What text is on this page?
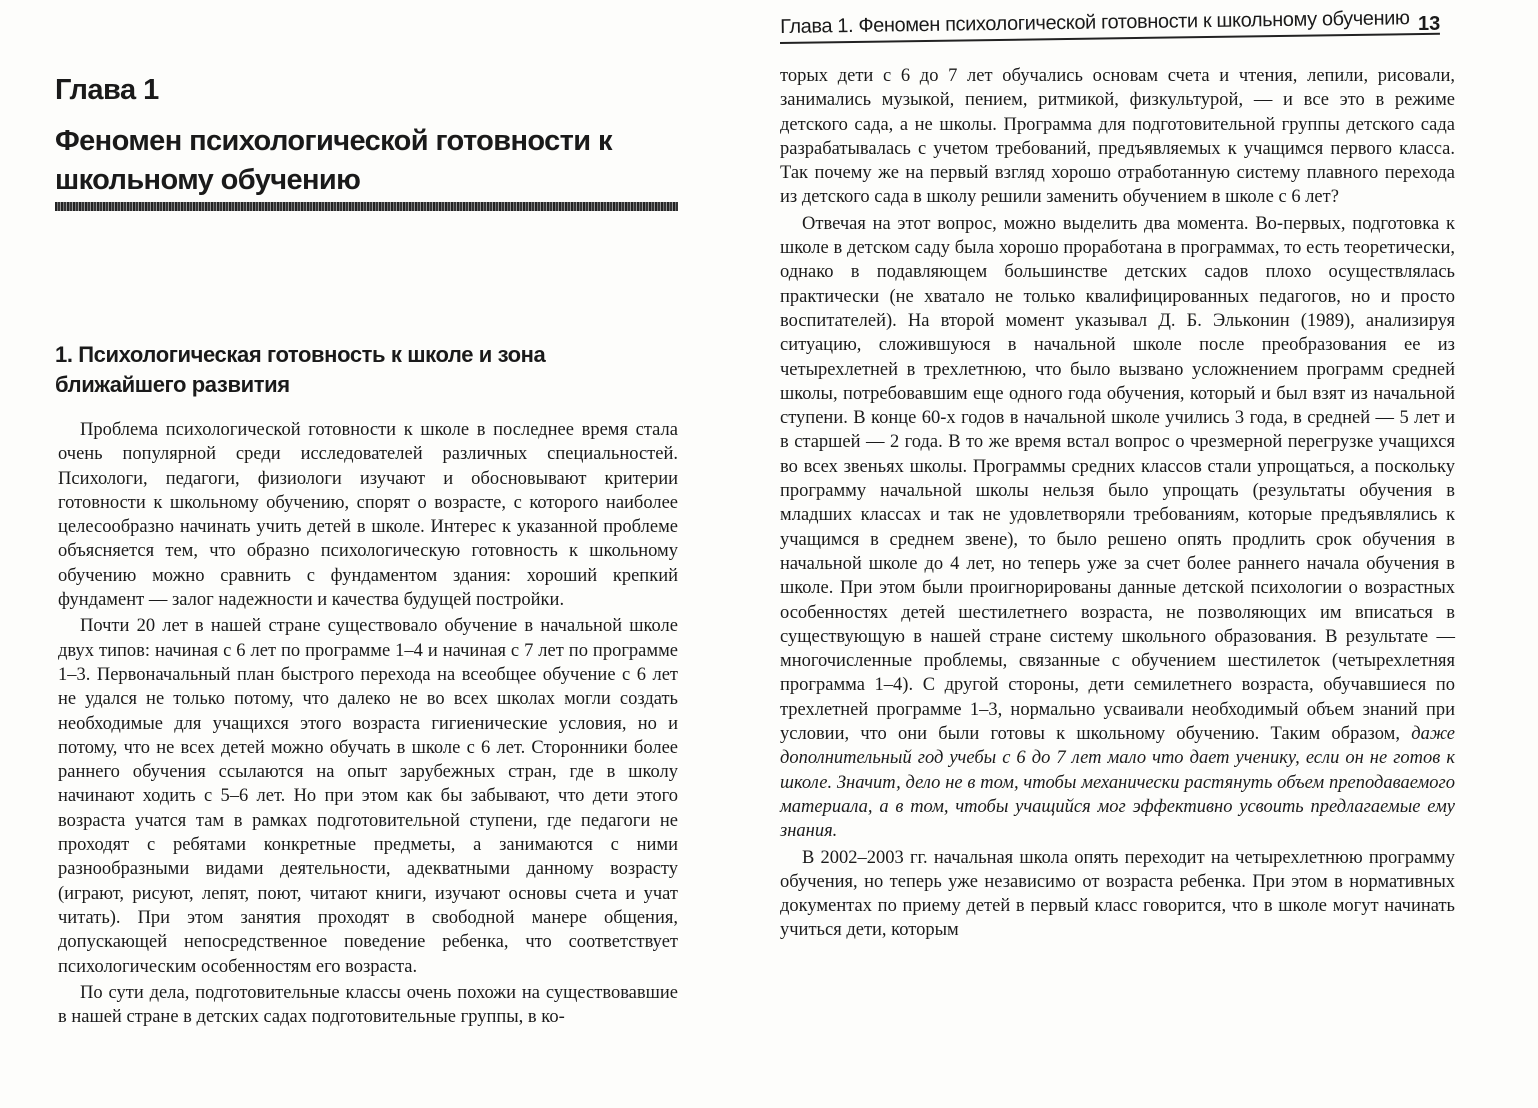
Глава 1
Феномен психологической готовности к школьному обучению
1. Психологическая готовность к школе и зона ближайшего развития

Проблема психологической готовности к школе в последнее время стала очень популярной среди исследователей различных специальностей. Психологи, педагоги, физиологи изучают и обосновывают критерии готовности к школьному обучению, спорят о возрасте, с которого наиболее целесообразно начинать учить детей в школе. Интерес к указанной проблеме объясняется тем, что образно психологическую готовность к школьному обучению можно сравнить с фундаментом здания: хороший крепкий фундамент — залог надежности и качества будущей постройки.

Почти 20 лет в нашей стране существовало обучение в начальной школе двух типов: начиная с 6 лет по программе 1–4 и начиная с 7 лет по программе 1–3. Первоначальный план быстрого перехода на всеобщее обучение с 6 лет не удался не только потому, что далеко не во всех школах могли создать необходимые для учащихся этого возраста гигиенические условия, но и потому, что не всех детей можно обучать в школе с 6 лет. Сторонники более раннего обучения ссылаются на опыт зарубежных стран, где в школу начинают ходить с 5–6 лет. Но при этом как бы забывают, что дети этого возраста учатся там в рамках подготовительной ступени, где педагоги не проходят с ребятами конкретные предметы, а занимаются с ними разнообразными видами деятельности, адекватными данному возрасту (играют, рисуют, лепят, поют, читают книги, изучают основы счета и учат читать). При этом занятия проходят в свободной манере общения, допускающей непосредственное поведение ребенка, что соответствует психологическим особенностям его возраста.

По сути дела, подготовительные классы очень похожи на существовавшие в нашей стране в детских садах подготовительные группы, в ко-

Глава 1. Феномен психологической готовности к школьному обучению 13

торых дети с 6 до 7 лет обучались основам счета и чтения, лепили, рисовали, занимались музыкой, пением, ритмикой, физкультурой, — и все это в режиме детского сада, а не школы. Программа для подготовительной группы детского сада разрабатывалась с учетом требований, предъявляемых к учащимся первого класса. Так почему же на первый взгляд хорошо отработанную систему плавного перехода из детского сада в школу решили заменить обучением в школе с 6 лет?

Отвечая на этот вопрос, можно выделить два момента. Во-первых, подготовка к школе в детском саду была хорошо проработана в программах, то есть теоретически, однако в подавляющем большинстве детских садов плохо осуществлялась практически (не хватало не только квалифицированных педагогов, но и просто воспитателей). На второй момент указывал Д. Б. Эльконин (1989), анализируя ситуацию, сложившуюся в начальной школе после преобразования ее из четырехлетней в трехлетнюю, что было вызвано усложнением программ средней школы, потребовавшим еще одного года обучения, который и был взят из начальной ступени. В конце 60-х годов в начальной школе учились 3 года, в средней — 5 лет и в старшей — 2 года. В то же время встал вопрос о чрезмерной перегрузке учащихся во всех звеньях школы. Программы средних классов стали упрощаться, а поскольку программу начальной школы нельзя было упрощать (результаты обучения в младших классах и так не удовлетворяли требованиям, которые предъявлялись к учащимся в среднем звене), то было решено опять продлить срок обучения в начальной школе до 4 лет, но теперь уже за счет более раннего начала обучения в школе. При этом были проигнорированы данные детской психологии о возрастных особенностях детей шестилетнего возраста, не позволяющих им вписаться в существующую в нашей стране систему школьного образования. В результате — многочисленные проблемы, связанные с обучением шестилеток (четырехлетняя программа 1–4). С другой стороны, дети семилетнего возраста, обучавшиеся по трехлетней программе 1–3, нормально усваивали необходимый объем знаний при условии, что они были готовы к школьному обучению. Таким образом, даже дополнительный год учебы с 6 до 7 лет мало что дает ученику, если он не готов к школе. Значит, дело не в том, чтобы механически растянуть объем преподаваемого материала, а в том, чтобы учащийся мог эффективно усвоить предлагаемые ему знания.

В 2002–2003 гг. начальная школа опять переходит на четырехлетнюю программу обучения, но теперь уже независимо от возраста ребенка. При этом в нормативных документах по приему детей в первый класс говорится, что в школе могут начинать учиться дети, которым
